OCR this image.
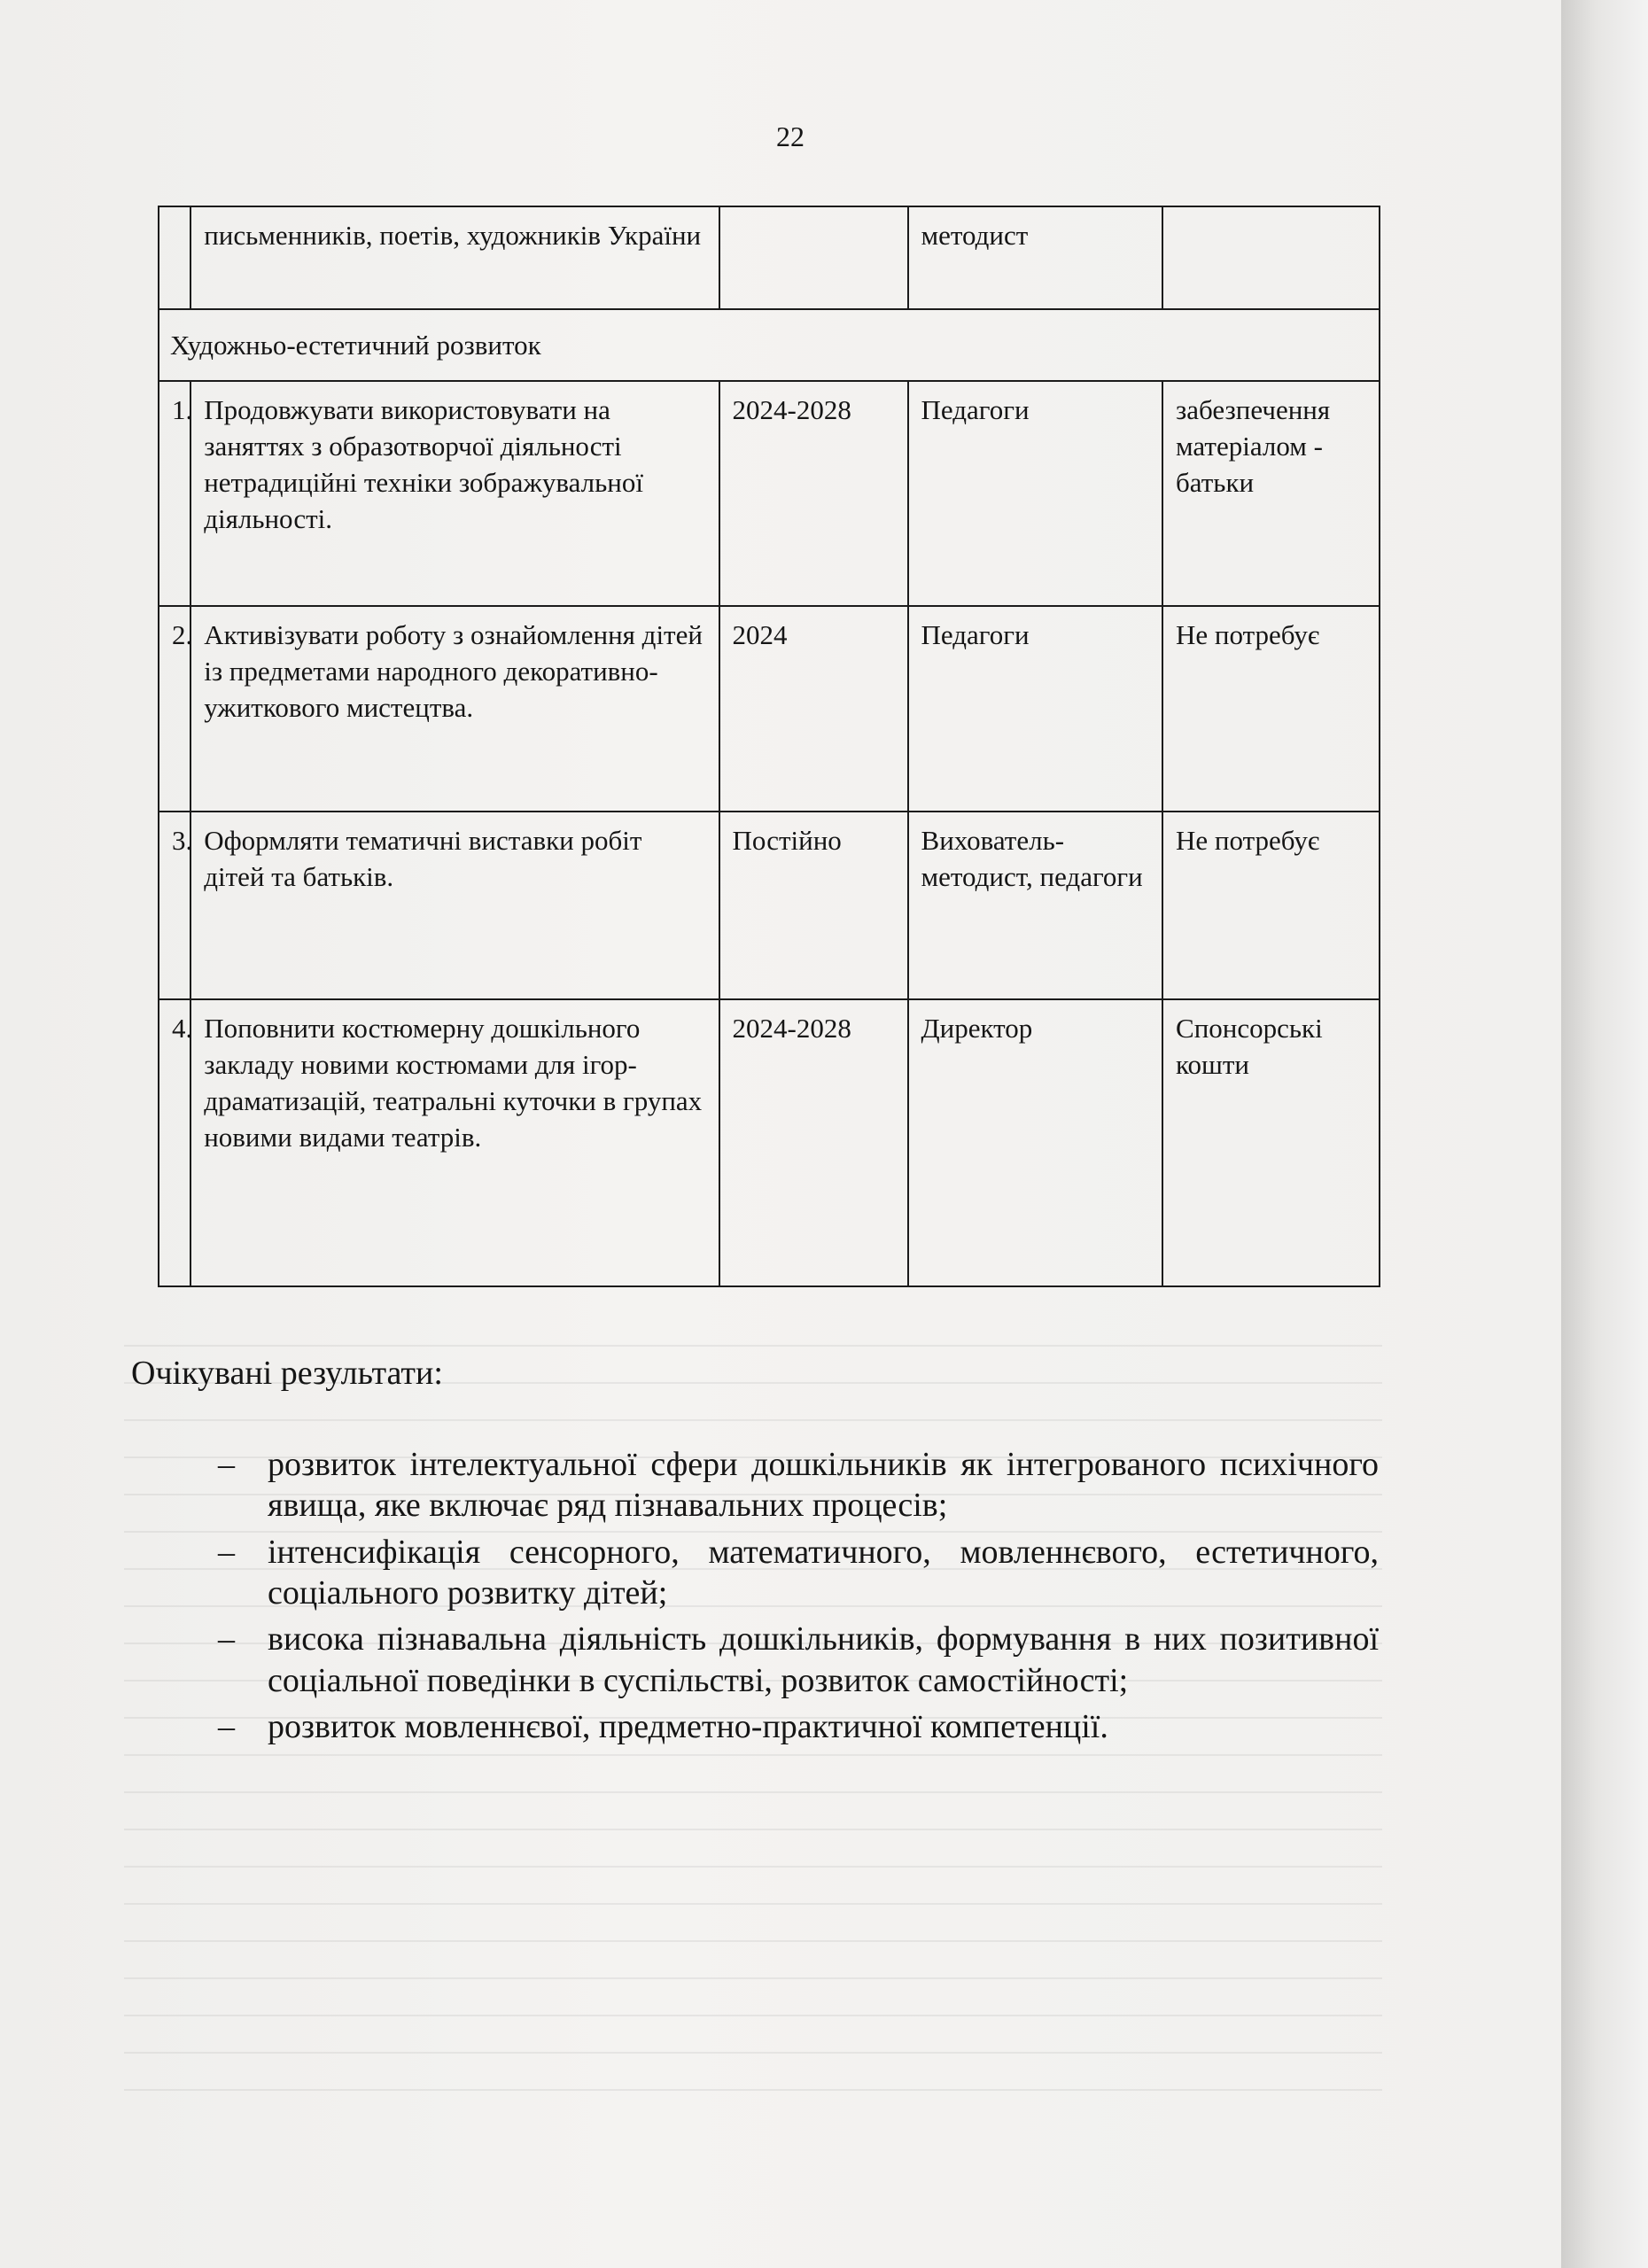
22
	письменників, поетів, художників України		методист	
Художньо-естетичний розвиток				
1.	Продовжувати використовувати на заняттях з образотворчої діяльності нетрадиційні техніки зображувальної діяльності.	2024-2028	Педагоги	забезпечення матеріалом - батьки
2.	Активізувати роботу з ознайомлення дітей із предметами народного декоративно-ужиткового мистецтва.	2024	Педагоги	Не потребує
3.	Оформляти тематичні виставки робіт дітей та батьків.	Постійно	Вихователь-методист, педагоги	Не потребує
4.	Поповнити костюмерну дошкільного закладу новими костюмами для ігор-драматизацій, театральні куточки в групах новими видами театрів.	2024-2028	Директор	Спонсорські кошти
Очікувані результати:
– розвиток інтелектуальної сфери дошкільників як інтегрованого психічного явища, яке включає ряд пізнавальних процесів;
– інтенсифікація сенсорного, математичного, мовленнєвого, естетичного, соціального розвитку дітей;
– висока пізнавальна діяльність дошкільників, формування в них позитивної соціальної поведінки в суспільстві, розвиток самостійності;
– розвиток мовленнєвої, предметно-практичної компетенції.
